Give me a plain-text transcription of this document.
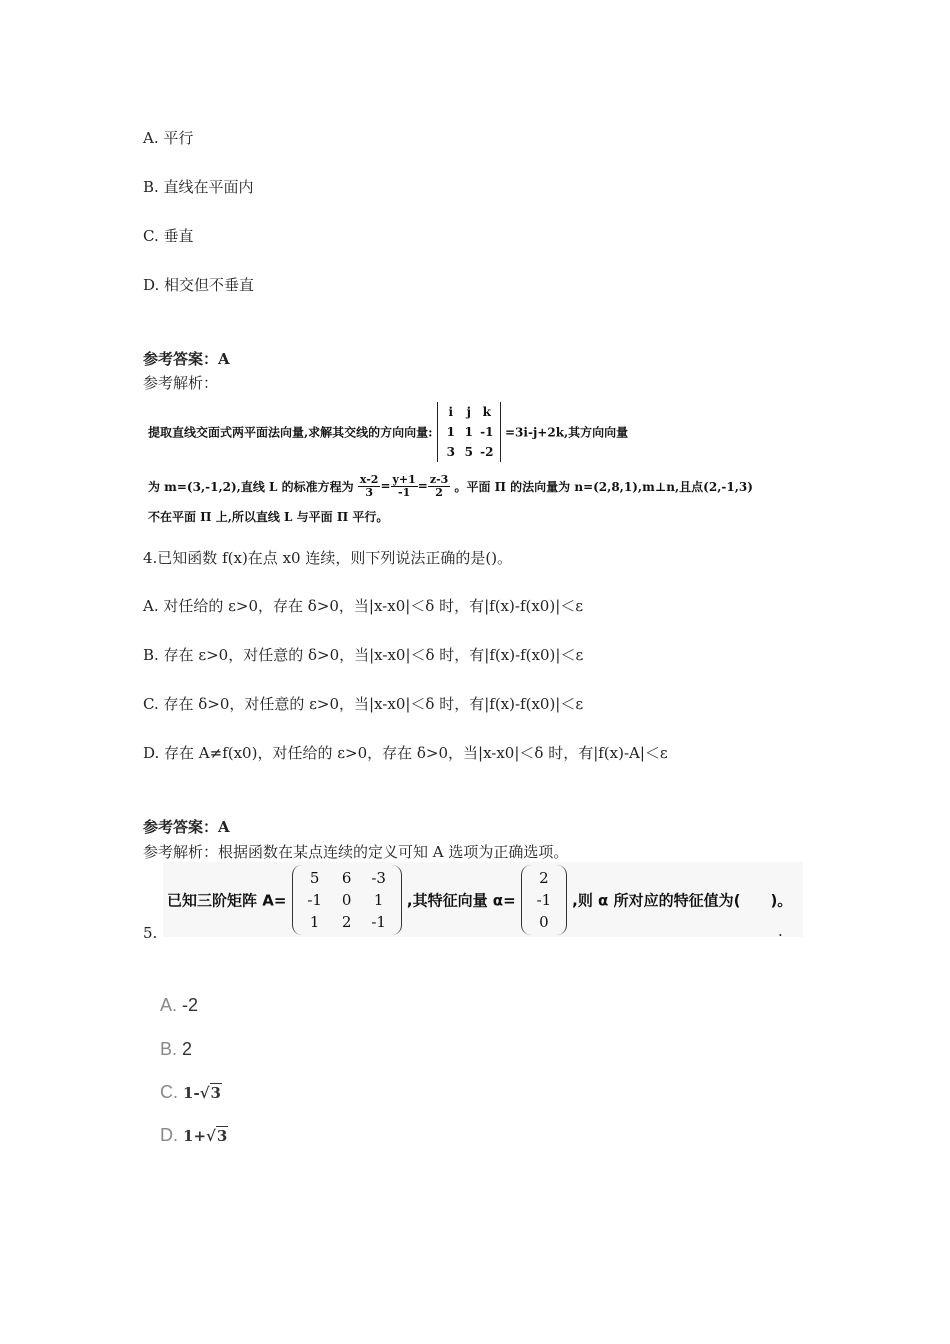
A. 平行
B. 直线在平面内
C. 垂直
D. 相交但不垂直
参考答案：A
参考解析：
提取直线交面式两平面法向量,求解其交线的方向向量: i j k
1 1 -1
3 5 -2 =3i-j+2k,其方向向量
为 m=(3,-1,2),直线 L 的标准方程为 $\frac{x-2}{3} = \frac{y+1}{-1} = \frac{z-3}{2}$ 。平面 Π 的法向量为 n=(2,8,1),m⊥n,且点(2,-1,3)
不在平面 Π 上,所以直线 L 与平面 Π 平行。
4.已知函数 f(x)在点 x0 连续，则下列说法正确的是()。
A. 对任给的 ε>0，存在 δ>0，当|x-x0|＜δ 时，有|f(x)-f(x0)|＜ε
B. 存在 ε>0，对任意的 δ>0，当|x-x0|＜δ 时，有|f(x)-f(x0)|＜ε
C. 存在 δ>0，对任意的 ε>0，当|x-x0|＜δ 时，有|f(x)-f(x0)|＜ε
D. 存在 A≠f(x0)，对任给的 ε>0，存在 δ>0，当|x-x0|＜δ 时，有|f(x)-A|＜ε
参考答案：A
参考解析：根据函数在某点连续的定义可知 A 选项为正确选项。
5.
已知三阶矩阵 A= 5 6 -3
-1 0 1
1 2 -1 ,其特征向量 α= 2
-1
0 ,则 α 所对应的特征值为(　　)。
.
A. -2
B. 2
C. 1-√3
D. 1+√3
